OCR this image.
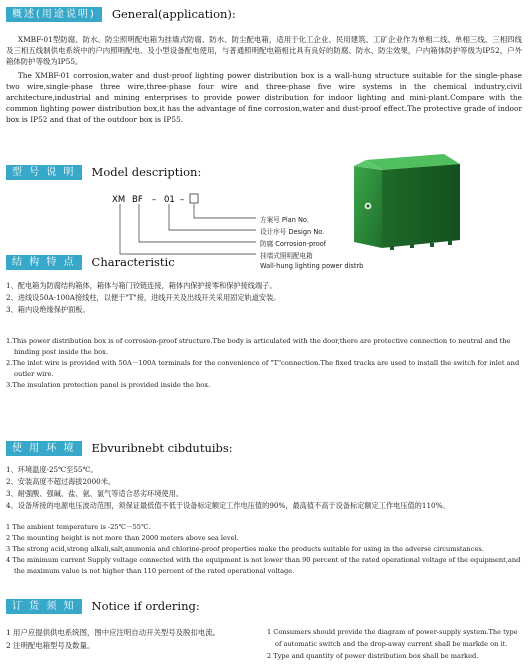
概述(用途说明)	General(application):

XMBF-01型防腐、防水、防尘照明配电箱为挂墙式防腐、防水、防尘配电箱，适用于化工企业、民用建筑、工矿企业作为单相二线、单相三线、三相四线及三相五线制供电系统中的户内照明配电、及小型设备配电使用，与普通照明配电箱相比具有良好的防腐、防水、防尘效果，户内箱体防护等级为IP52，户外箱体防护等级为IP55。

The XMBF-01 corrosion,water and dust-proof lighting power distribution box is a wall-hung structure suitable for the single-phase two wire,single-phase three wire,three-phase four wire and three-phase five wire systems in the chemical industry,civil architecture,industrial and mining enterprises to provide power distribution for indoor lighting and mini-plant.Compare with the common lighting power distribution box,it has the advantage of fine corrosion,water and dust-proof effect.The protective grade of indoor box is IP52 and that of the outdoor box is IP55.

型 号 说 明	Model description:
XM BF – 01 –
方案号 Plan No.
设计序号 Design No.
防腐 Corrosion-proof
挂墙式照明配电箱
Wall-hung lighting power distrb
结 构 特 点	Characteristic
1、配电箱为防腐结构箱体，箱体与箱门铰链连接，箱体内保护接零和保护接线端子。
2、进线设50A-100A接线柱，以便于"T"接，进线开关及出线开关采用固定轨道安装。
3、箱内设绝缘保护面板。
1.This power distribution box is of corrosion-proof structure.The body is articulated with the door,there are protective connection to neutral and the binding post inside the box.
2.The inlet wire is provided with 50A－100A terminals for the convenience of "T"connection.The fixed tracks are used to install the switch for inlet and outler wire.
3.The insulation protection panel is provided inside the box.
使 用 环 境	Ebvuribnebt cibdutuibs:
1、环境温度-25℃至55℃。
2、安装高度不超过海拔2000米。
3、耐强酸、强碱、盐、氨、氯气等适合恶劣环境使用。
4、设备所接的电源电压波动范围，须保证最低值不低于设备标定额定工作电压值的90%，最高值不高于设备标定额定工作电压值的110%。
1 The ambient temperature is -25℃－55℃.
2 The mounting height is not more than 2000 meters above sea level.
3 The strong acid,strong alkali,salt,ammonia and chlorine-proof properties make the products suitable for using in the adverse circumstances.
4 The minimum current Supply voltage connected with the equipment is not lower than 90 percent of the rated operational voltage of the equipment,and the maximum value is not higher than 110 percent of the rated operational voltage.
订 货 须 知	Notice if ordering:
1 用户应提供供电系统图，图中应注明自动开关型号及脱扣电流。
2 注明配电箱型号及数量。
1 Consumers should provide the diagram of power-supply system.The type of automatic switch and the drop-away current shall be markde on it.
2 Type and quantity of power distribution box shall be marked.
